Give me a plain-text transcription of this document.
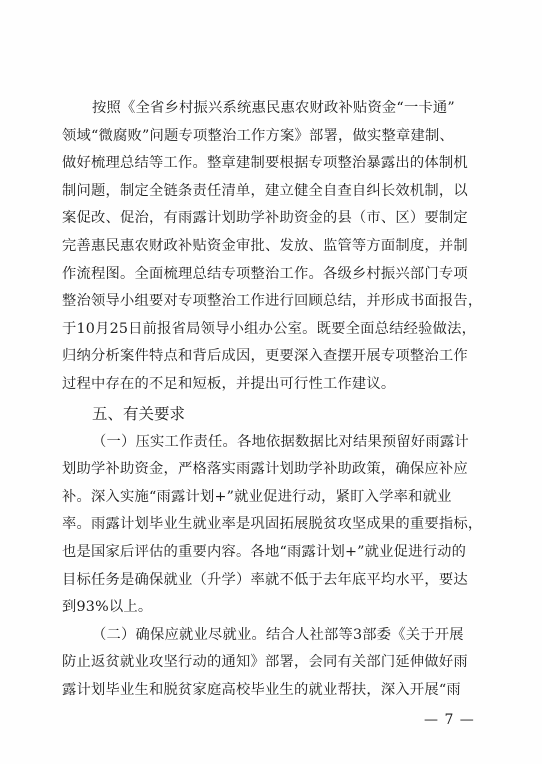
按照《全省乡村振兴系统惠民惠农财政补贴资金“一卡通”
领域“微腐败”问题专项整治工作方案》部署，做实整章建制、
做好梳理总结等工作。整章建制要根据专项整治暴露出的体制机
制问题，制定全链条责任清单，建立健全自查自纠长效机制，以
案促改、促治，有雨露计划助学补助资金的县（市、区）要制定
完善惠民惠农财政补贴资金审批、发放、监管等方面制度，并制
作流程图。全面梳理总结专项整治工作。各级乡村振兴部门专项
整治领导小组要对专项整治工作进行回顾总结，并形成书面报告，
于10月25日前报省局领导小组办公室。既要全面总结经验做法，
归纳分析案件特点和背后成因，更要深入查摆开展专项整治工作
过程中存在的不足和短板，并提出可行性工作建议。
五、有关要求
（一）压实工作责任。各地依据数据比对结果预留好雨露计
划助学补助资金，严格落实雨露计划助学补助政策，确保应补应
补。深入实施“雨露计划+”就业促进行动，紧盯入学率和就业
率。雨露计划毕业生就业率是巩固拓展脱贫攻坚成果的重要指标，
也是国家后评估的重要内容。各地“雨露计划+”就业促进行动的
目标任务是确保就业（升学）率就不低于去年底平均水平，要达
到93%以上。
（二）确保应就业尽就业。结合人社部等3部委《关于开展
防止返贫就业攻坚行动的通知》部署，会同有关部门延伸做好雨
露计划毕业生和脱贫家庭高校毕业生的就业帮扶，深入开展“雨
— 7 —
